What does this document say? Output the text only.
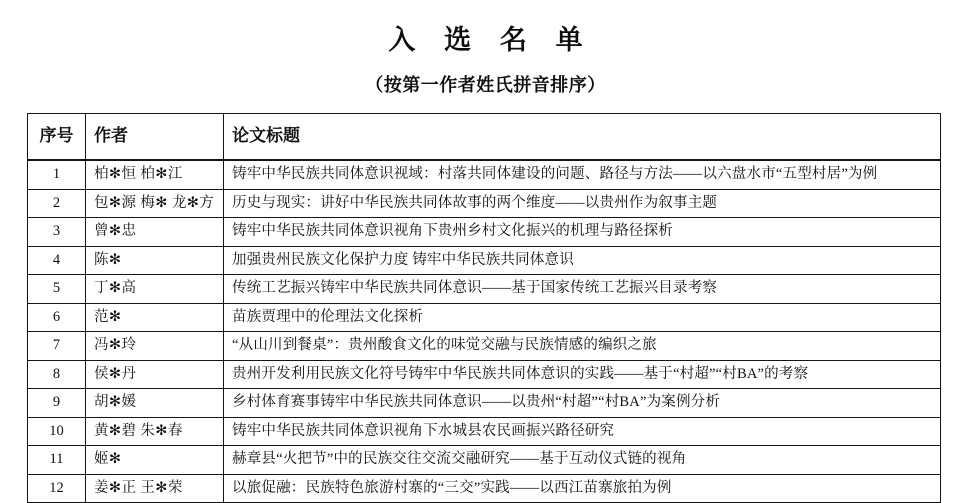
入 选 名 单
（按第一作者姓氏拼音排序）
序号	作者	论文标题
1	柏✻恒 柏✻江	铸牢中华民族共同体意识视域：村落共同体建设的问题、路径与方法——以六盘水市“五型村居”为例
2	包✻源 梅✻ 龙✻方	历史与现实：讲好中华民族共同体故事的两个维度——以贵州作为叙事主题
3	曾✻忠	铸牢中华民族共同体意识视角下贵州乡村文化振兴的机理与路径探析
4	陈✻	加强贵州民族文化保护力度 铸牢中华民族共同体意识
5	丁✻高	传统工艺振兴铸牢中华民族共同体意识——基于国家传统工艺振兴目录考察
6	范✻	苗族贾理中的伦理法文化探析
7	冯✻玲	“从山川到餐桌”：贵州酸食文化的味觉交融与民族情感的编织之旅
8	侯✻丹	贵州开发利用民族文化符号铸牢中华民族共同体意识的实践——基于“村超”“村BA”的考察
9	胡✻媛	乡村体育赛事铸牢中华民族共同体意识——以贵州“村超”“村BA”为案例分析
10	黄✻碧 朱✻春	铸牢中华民族共同体意识视角下水城县农民画振兴路径研究
11	姬✻	赫章县“火把节”中的民族交往交流交融研究——基于互动仪式链的视角
12	姜✻正 王✻荣	以旅促融：民族特色旅游村寨的“三交”实践——以西江苗寨旅拍为例
